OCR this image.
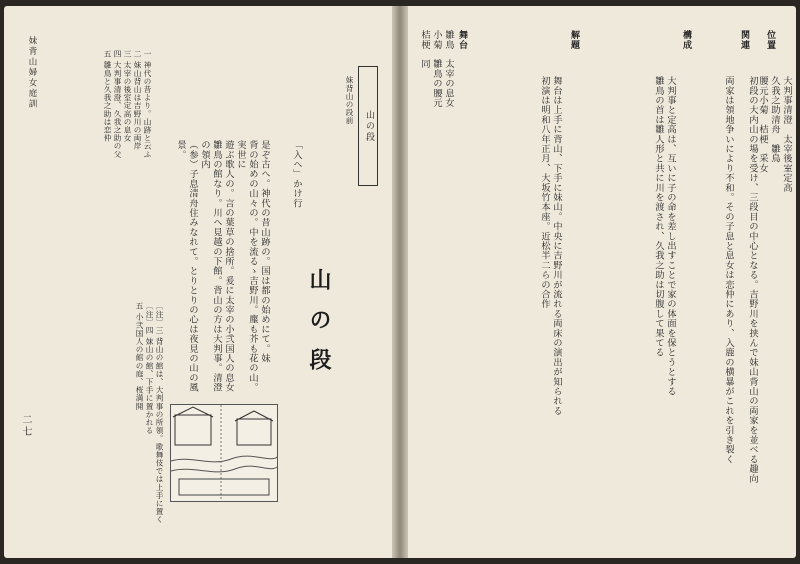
二七
妹背山婦女庭訓	一 神代の昔より。山跡と云ふ
二 妹山背山は吉野川の両岸
三 太宰の後室定高の息女
四 大判事清澄、久我之助の父
五 雛鳥と久我之助は恋仲
〔注〕三 背山の館は、大判事の所領。歌舞伎では上手に置く
〔注〕四 妹山の館、下手に置かれる
五 小弐国人の館の庭、桜満開	是ぞ古へ。神代の昔山跡の。国は都の始めにて。妹
背の始めの山々の。中を流るゝ吉野川。塵も芥も花の山。実世に
遊ぶ歌人の。言の葉草の捨所。爰に太宰の小弐国人の息女
雛鳥の館なり。川へ見越の下館。背山の方は大判事。清澄の領内
（参）子息清舟住みなれて。とりとりの心は夜見の山の風景。	「入へ」かけ行
山の段
妹背山の段前
山の段
雛鳥　太宰の息女
小菊　雛鳥の腰元
桔梗　同	舞台
舞台は上手に背山、下手に妹山。中央に吉野川が流れる両床の演出が知られる
初演は明和八年正月、大坂竹本座。近松半二らの合作
解題
大判事と定高は、互いに子の命を差し出すことで家の体面を保とうとする
雛鳥の首は雛人形と共に川を渡され、久我之助は切腹して果てる
構成
両家は領地争いにより不和。その子息と息女は恋仲にあり、入鹿の横暴がこれを引き裂く
関連
初段の大内山の場を受け、三段目の中心となる。吉野川を挟んで妹山背山の両家を並べる趣向
位置
大判事清澄　太宰後室定高
久我之助清舟　雛鳥
腰元小菊　桔梗　采女
